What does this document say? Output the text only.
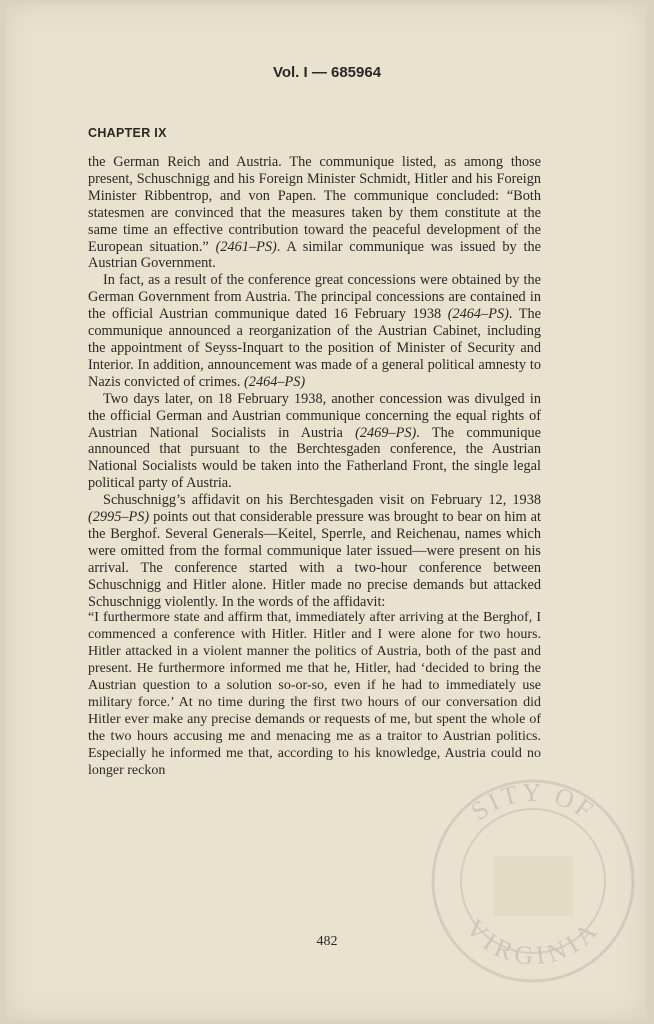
Vol. I — 685964
CHAPTER IX

the German Reich and Austria. The communique listed, as among those present, Schuschnigg and his Foreign Minister Schmidt, Hitler and his Foreign Minister Ribbentrop, and von Papen. The communique concluded: “Both statesmen are convinced that the measures taken by them constitute at the same time an effective contribution toward the peaceful development of the European situation.” (2461–PS). A similar communique was issued by the Austrian Government.

In fact, as a result of the conference great concessions were obtained by the German Government from Austria. The principal concessions are contained in the official Austrian communique dated 16 February 1938 (2464–PS). The communique announced a reorganization of the Austrian Cabinet, including the appointment of Seyss-Inquart to the position of Minister of Security and Interior. In addition, announcement was made of a general political amnesty to Nazis convicted of crimes. (2464–PS)

Two days later, on 18 February 1938, another concession was divulged in the official German and Austrian communique concerning the equal rights of Austrian National Socialists in Austria (2469–PS). The communique announced that pursuant to the Berchtesgaden conference, the Austrian National Socialists would be taken into the Fatherland Front, the single legal political party of Austria.

Schuschnigg’s affidavit on his Berchtesgaden visit on February 12, 1938 (2995–PS) points out that considerable pressure was brought to bear on him at the Berghof. Several Generals—Keitel, Sperrle, and Reichenau, names which were omitted from the formal communique later issued—were present on his arrival. The conference started with a two-hour conference between Schuschnigg and Hitler alone. Hitler made no precise demands but attacked Schuschnigg violently. In the words of the affidavit:

“I furthermore state and affirm that, immediately after arriving at the Berghof, I commenced a conference with Hitler. Hitler and I were alone for two hours. Hitler attacked in a violent manner the politics of Austria, both of the past and present. He furthermore informed me that he, Hitler, had ‘decided to bring the Austrian question to a solution so-or-so, even if he had to immediately use military force.’ At no time during the first two hours of our conversation did Hitler ever make any precise demands or requests of me, but spent the whole of the two hours accusing me and menacing me as a traitor to Austrian politics. Especially he informed me that, according to his knowledge, Austria could no longer reckon

482
SITY OF
VIRGINIA
